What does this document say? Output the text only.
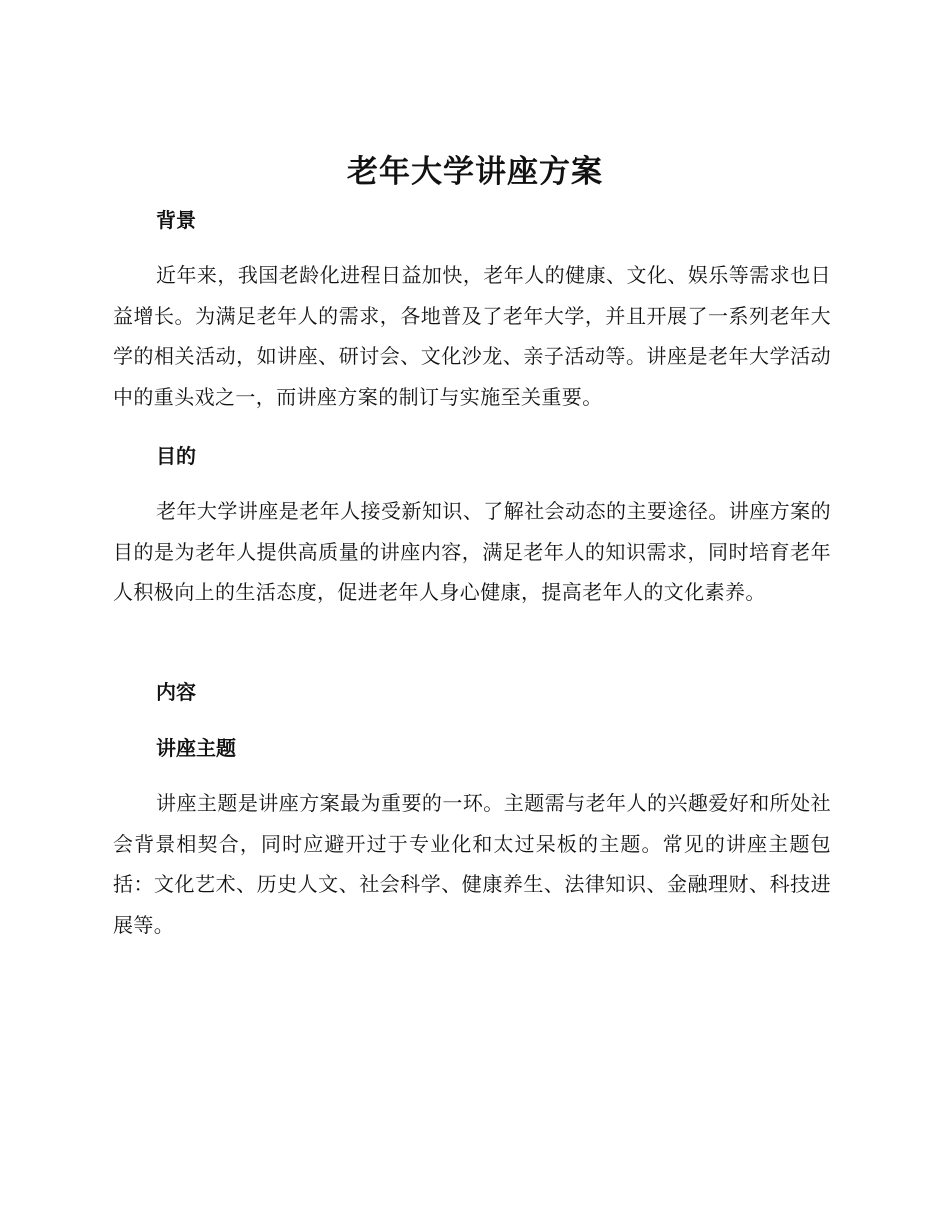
老年大学讲座方案
背景
近年来，我国老龄化进程日益加快，老年人的健康、文化、娱乐等需求也日益增长。为满足老年人的需求，各地普及了老年大学，并且开展了一系列老年大学的相关活动，如讲座、研讨会、文化沙龙、亲子活动等。讲座是老年大学活动中的重头戏之一，而讲座方案的制订与实施至关重要。
目的
老年大学讲座是老年人接受新知识、了解社会动态的主要途径。讲座方案的目的是为老年人提供高质量的讲座内容，满足老年人的知识需求，同时培育老年人积极向上的生活态度，促进老年人身心健康，提高老年人的文化素养。
内容
讲座主题
讲座主题是讲座方案最为重要的一环。主题需与老年人的兴趣爱好和所处社会背景相契合，同时应避开过于专业化和太过呆板的主题。常见的讲座主题包括：文化艺术、历史人文、社会科学、健康养生、法律知识、金融理财、科技进展等。
